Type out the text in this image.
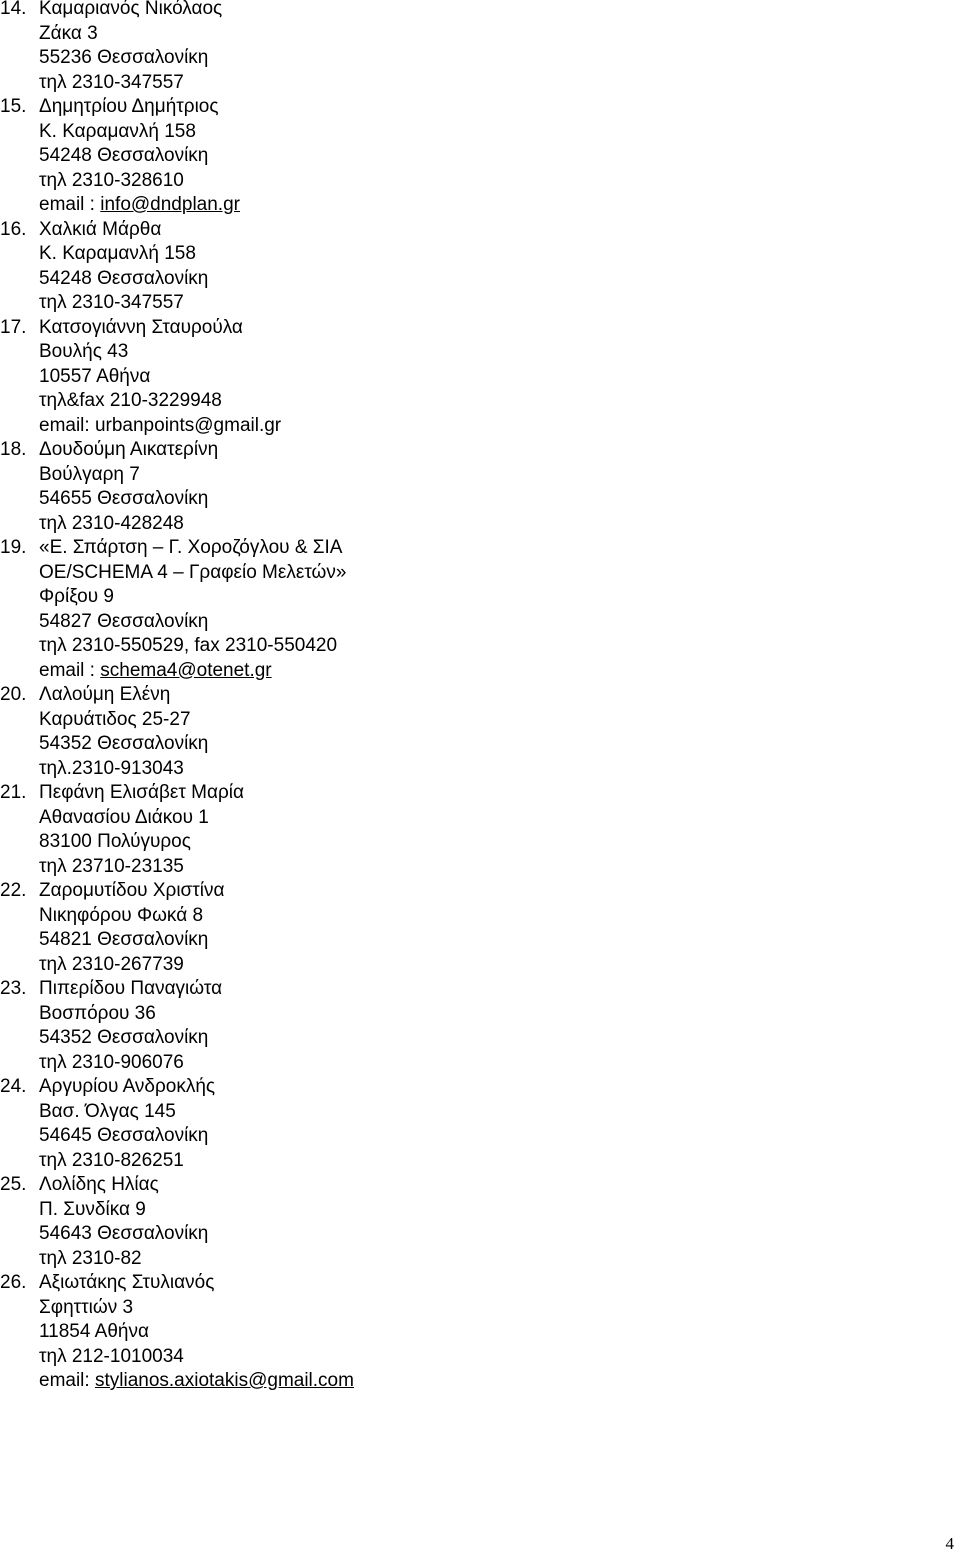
14. Καμαριανός Νικόλαος
Ζάκα 3
55236 Θεσσαλονίκη
τηλ 2310-347557
15. Δημητρίου Δημήτριος
Κ. Καραμανλή 158
54248 Θεσσαλονίκη
τηλ 2310-328610
email : info@dndplan.gr
16. Χαλκιά Μάρθα
Κ. Καραμανλή 158
54248 Θεσσαλονίκη
τηλ 2310-347557
17. Κατσογιάννη Σταυρούλα
Βουλής 43
10557 Αθήνα
τηλ&fax 210-3229948
email: urbanpoints@gmail.gr
18. Δουδούμη Αικατερίνη
Βούλγαρη 7
54655 Θεσσαλονίκη
τηλ 2310-428248
19. «Ε. Σπάρτση – Γ. Χοροζόγλου & ΣΙΑ
ΟΕ/SCHEMA 4 – Γραφείο Μελετών»
Φρίξου 9
54827 Θεσσαλονίκη
τηλ 2310-550529, fax 2310-550420
email : schema4@otenet.gr
20. Λαλούμη Ελένη
Καρυάτιδος 25-27
54352 Θεσσαλονίκη
τηλ.2310-913043
21. Πεφάνη Ελισάβετ Μαρία
Αθανασίου Διάκου 1
83100 Πολύγυρος
τηλ 23710-23135
22. Ζαρομυτίδου Χριστίνα
Νικηφόρου Φωκά 8
54821 Θεσσαλονίκη
τηλ 2310-267739
23. Πιπερίδου Παναγιώτα
Βοσπόρου 36
54352 Θεσσαλονίκη
τηλ 2310-906076
24. Αργυρίου Ανδροκλής
Βασ. Όλγας 145
54645 Θεσσαλονίκη
τηλ 2310-826251
25. Λολίδης Ηλίας
Π. Συνδίκα 9
54643 Θεσσαλονίκη
τηλ 2310-82
26. Αξιωτάκης Στυλιανός
Σφηττιών 3
11854 Αθήνα
τηλ 212-1010034
email: stylianos.axiotakis@gmail.com
4
